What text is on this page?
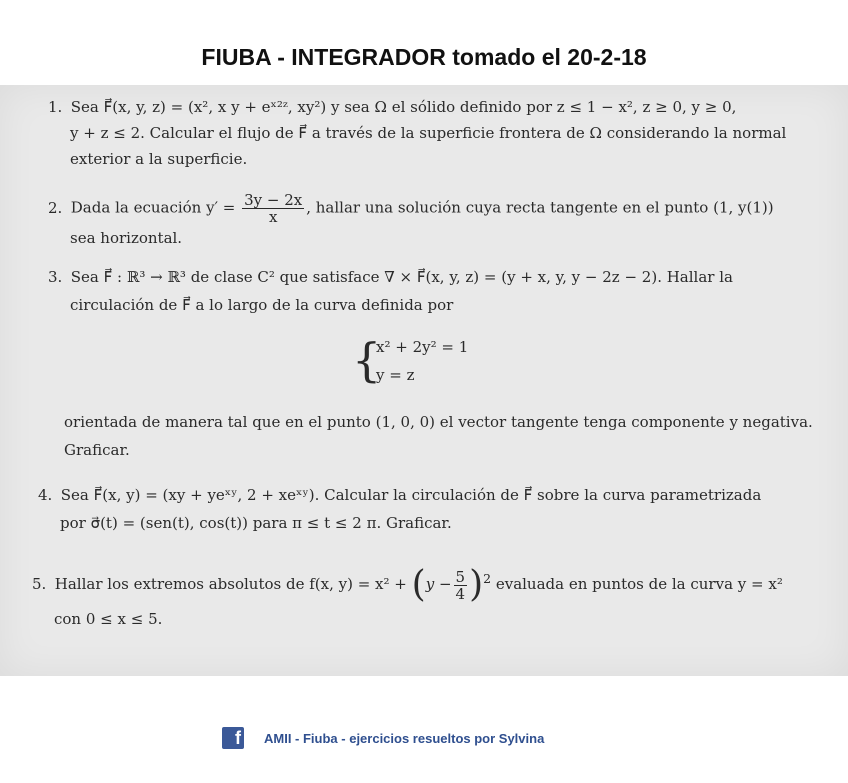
FIUBA - INTEGRADOR tomado el 20-2-18
1. Sea F⃗(x, y, z) = (x², x y + eˣ²ᶻ, xy²) y sea Ω el sólido definido por z ≤ 1 − x², z ≥ 0, y ≥ 0,
y + z ≤ 2. Calcular el flujo de F⃗ a través de la superficie frontera de Ω considerando la normal
exterior a la superficie.
2. Dada la ecuación $y' = \frac{3y - 2x}{x}$ , hallar una solución cuya recta tangente en el punto (1, y(1))
sea horizontal.
3. Sea F⃗ : ℝ³ → ℝ³ de clase C² que satisface ∇ × F⃗(x, y, z) = (y + x, y, y − 2z − 2). Hallar la
circulación de F⃗ a lo largo de la curva definida por
{
x² + 2y² = 1
y = z
orientada de manera tal que en el punto (1, 0, 0) el vector tangente tenga componente y negativa.
Graficar.
4. Sea F⃗(x, y) = (xy + yeˣʸ, 2 + xeˣʸ). Calcular la circulación de F⃗ sobre la curva parametrizada
por σ⃗(t) = (sen(t), cos(t)) para π ≤ t ≤ 2 π. Graficar.
5. Hallar los extremos absolutos de f(x, $y) = x^2 + (y - \frac{5}{4} )^2$ evaluada en puntos de la curva y = x²
con 0 ≤ x ≤ 5.
f AMII - Fiuba - ejercicios resueltos por Sylvina
